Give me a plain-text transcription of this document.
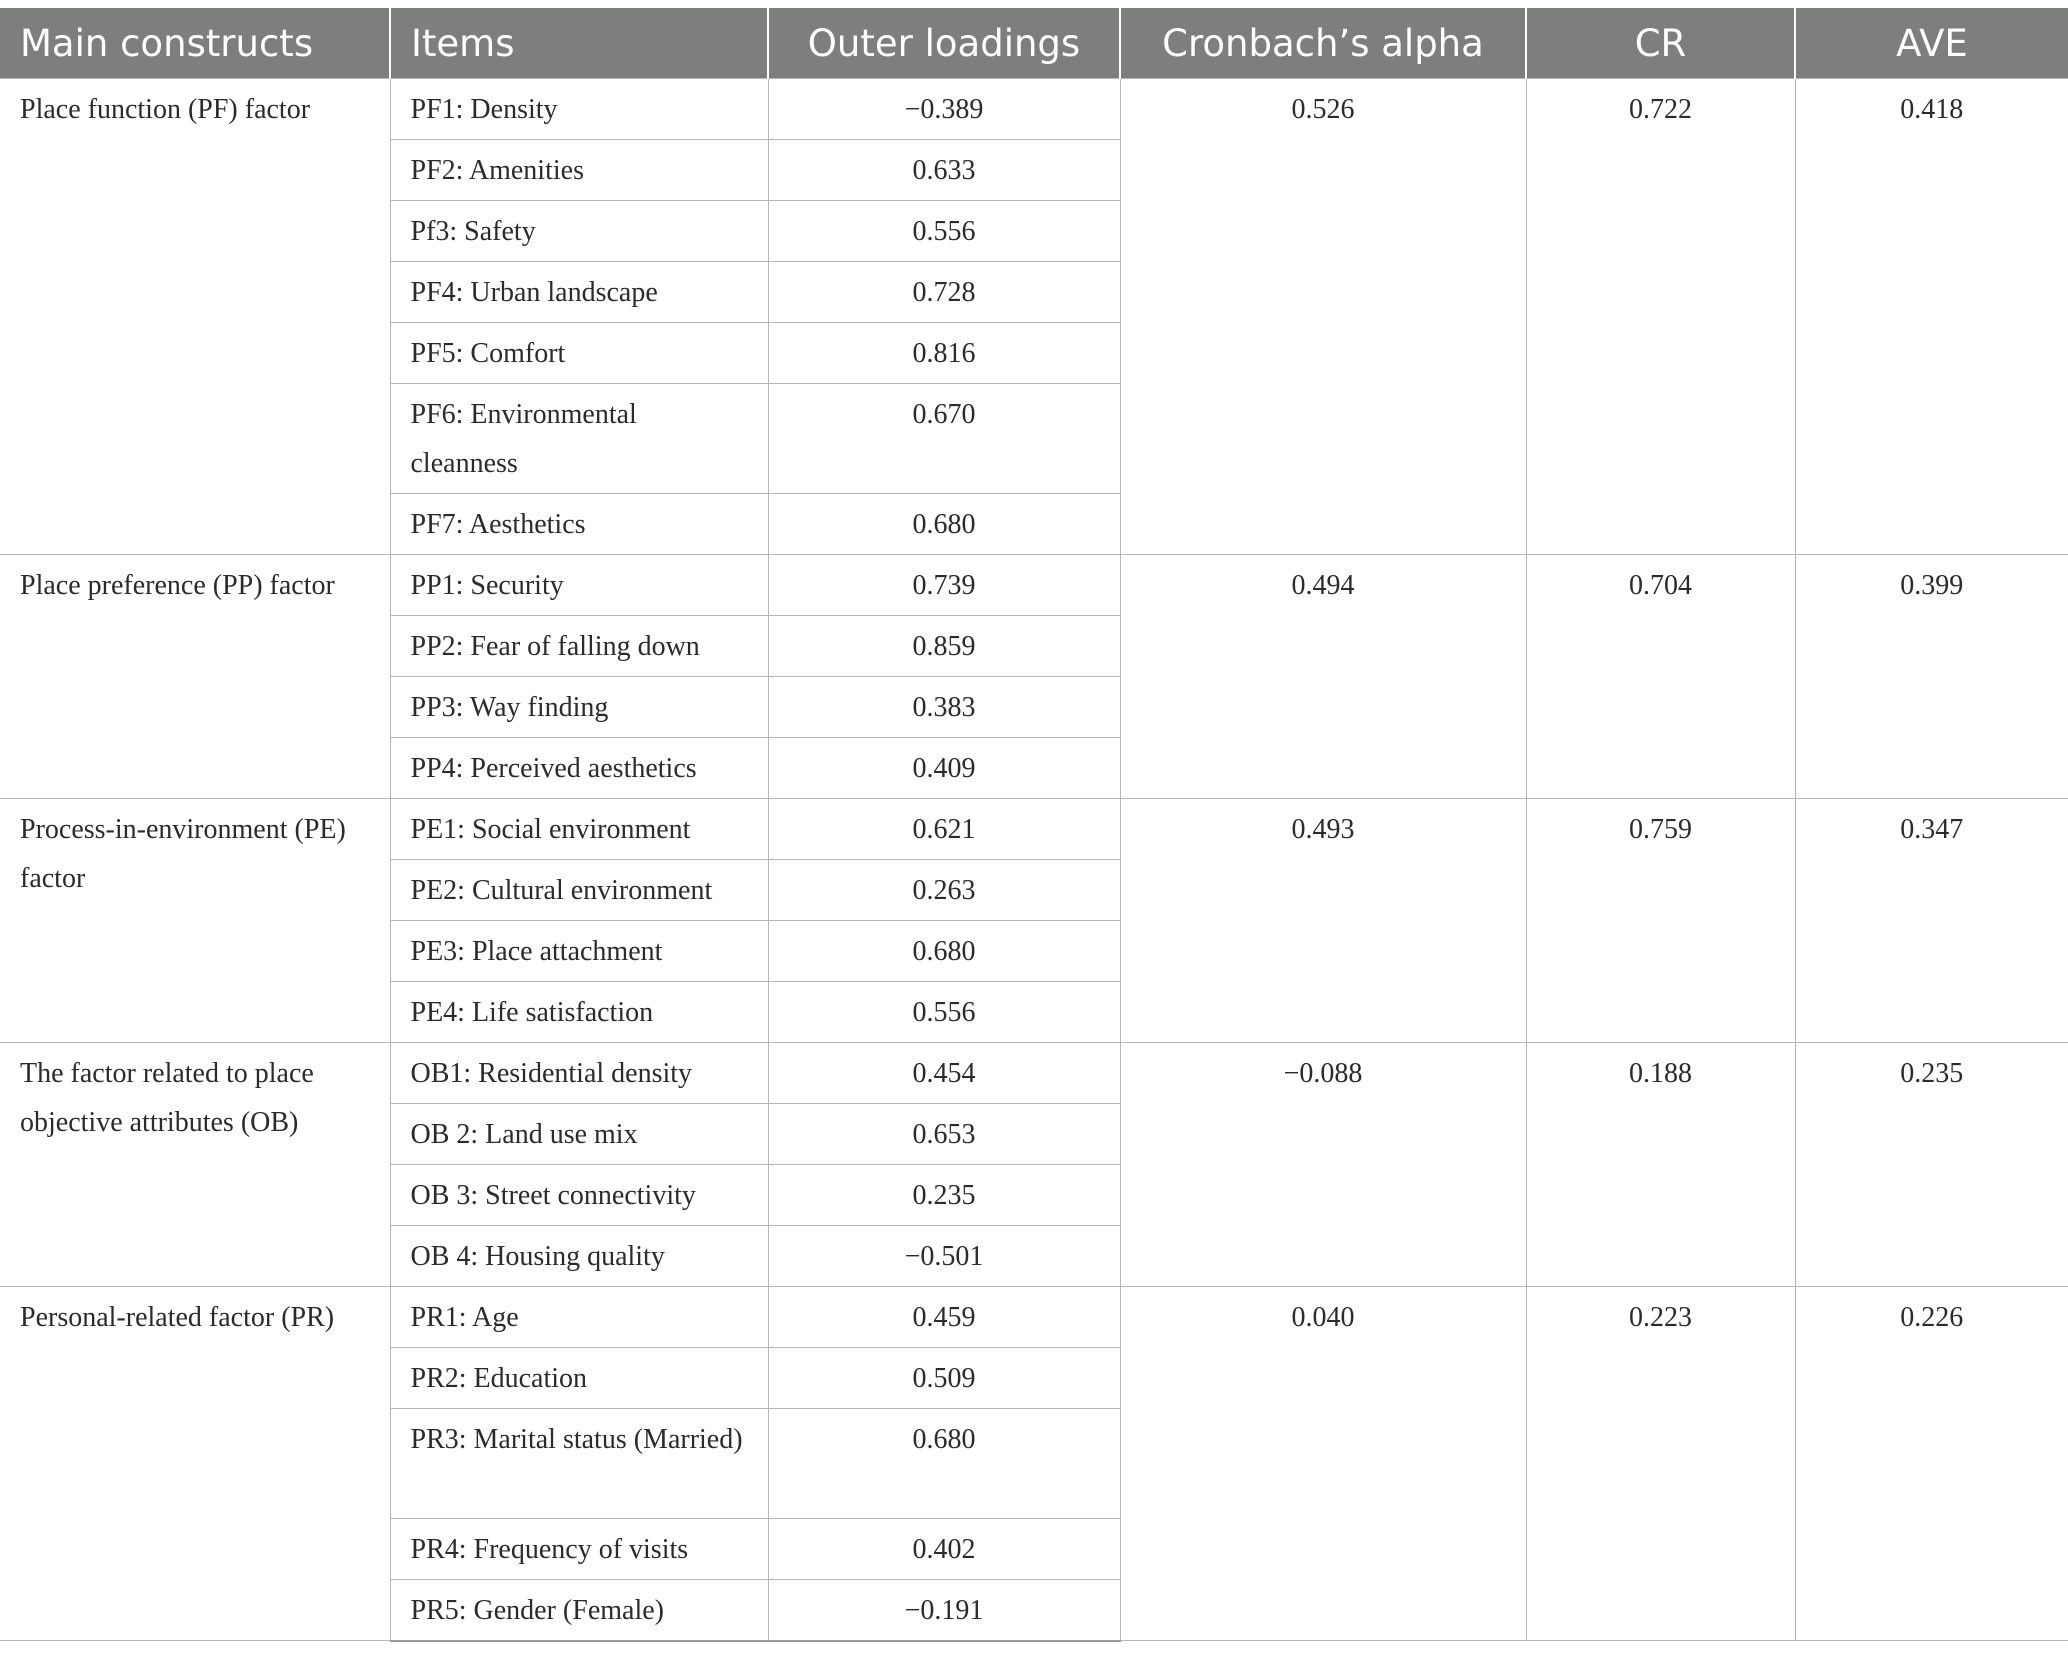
Main constructs	Items	Outer loadings	Cronbach’s alpha	CR	AVE
Place function (PF) factor	PF1: Density	−0.389	0.526	0.722	0.418
	PF2: Amenities	0.633			
	Pf3: Safety	0.556			
	PF4: Urban landscape	0.728			
	PF5: Comfort	0.816			
	PF6: Environmental cleanness	0.670			
	PF7: Aesthetics	0.680			
Place preference (PP) factor	PP1: Security	0.739	0.494	0.704	0.399
	PP2: Fear of falling down	0.859			
	PP3: Way finding	0.383			
	PP4: Perceived aesthetics	0.409			
Process-in-environment (PE) factor	PE1: Social environment	0.621	0.493	0.759	0.347
	PE2: Cultural environment	0.263			
	PE3: Place attachment	0.680			
	PE4: Life satisfaction	0.556			
The factor related to place objective attributes (OB)	OB1: Residential density	0.454	−0.088	0.188	0.235
	OB 2: Land use mix	0.653			
	OB 3: Street connectivity	0.235			
	OB 4: Housing quality	−0.501			
Personal-related factor (PR)	PR1: Age	0.459	0.040	0.223	0.226
	PR2: Education	0.509			
	PR3: Marital status (Married)	0.680			
	PR4: Frequency of visits	0.402			
	PR5: Gender (Female)	−0.191			
